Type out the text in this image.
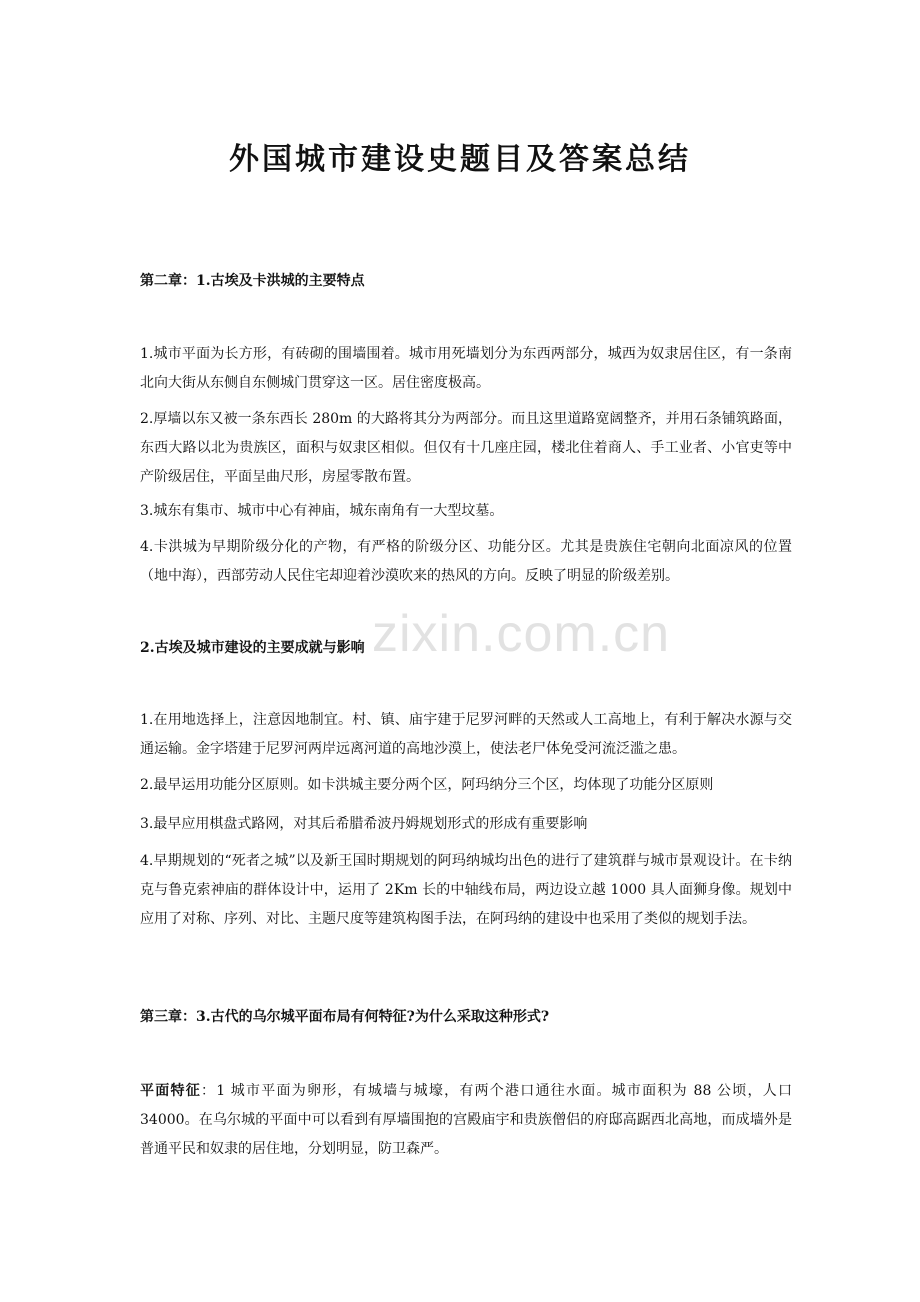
外国城市建设史题目及答案总结
第二章：1.古埃及卡洪城的主要特点

1.城市平面为长方形，有砖砌的围墙围着。城市用死墙划分为东西两部分，城西为奴隶居住区，有一条南北向大街从东侧自东侧城门贯穿这一区。居住密度极高。

2.厚墙以东又被一条东西长 280m 的大路将其分为两部分。而且这里道路宽阔整齐，并用石条铺筑路面，东西大路以北为贵族区，面积与奴隶区相似。但仅有十几座庄园，楼北住着商人、手工业者、小官吏等中产阶级居住，平面呈曲尺形，房屋零散布置。

3.城东有集市、城市中心有神庙，城东南角有一大型坟墓。

4.卡洪城为早期阶级分化的产物，有严格的阶级分区、功能分区。尤其是贵族住宅朝向北面凉风的位置（地中海），西部劳动人民住宅却迎着沙漠吹来的热风的方向。反映了明显的阶级差别。

zixin.com.cn
2.古埃及城市建设的主要成就与影响

1.在用地选择上，注意因地制宜。村、镇、庙宇建于尼罗河畔的天然或人工高地上，有利于解决水源与交通运输。金字塔建于尼罗河两岸远离河道的高地沙漠上，使法老尸体免受河流泛滥之患。

2.最早运用功能分区原则。如卡洪城主要分两个区，阿玛纳分三个区，均体现了功能分区原则

3.最早应用棋盘式路网，对其后希腊希波丹姆规划形式的形成有重要影响

4.早期规划的“死者之城”以及新王国时期规划的阿玛纳城均出色的进行了建筑群与城市景观设计。在卡纳克与鲁克索神庙的群体设计中，运用了 2Km 长的中轴线布局，两边设立越 1000 具人面狮身像。规划中应用了对称、序列、对比、主题尺度等建筑构图手法，在阿玛纳的建设中也采用了类似的规划手法。

第三章：3.古代的乌尔城平面布局有何特征?为什么采取这种形式?

平面特征：1 城市平面为卵形，有城墙与城壕，有两个港口通往水面。城市面积为 88 公顷，人口 34000。在乌尔城的平面中可以看到有厚墙围抱的宫殿庙宇和贵族僧侣的府邸高踞西北高地，而成墙外是普通平民和奴隶的居住地，分划明显，防卫森严。
